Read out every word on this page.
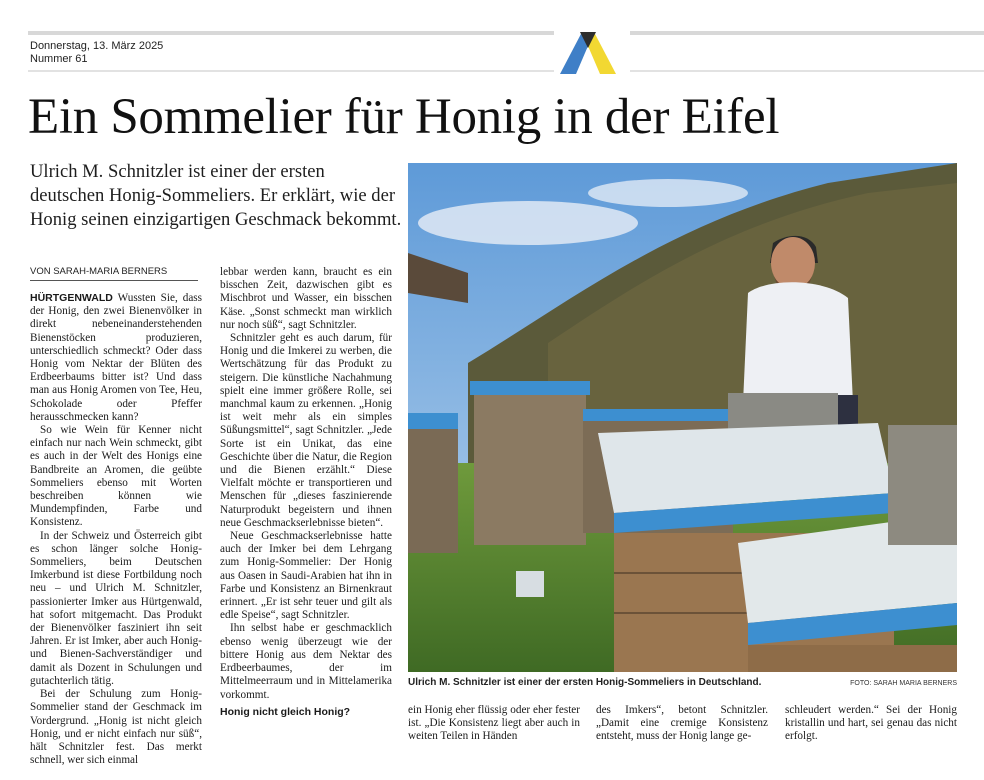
Donnerstag, 13. März 2025
Nummer 61
Ein Sommelier für Honig in der Eifel

Ulrich M. Schnitzler ist einer der ersten deutschen Honig-Sommeliers. Er erklärt, wie der Honig seinen einzigartigen Geschmack bekommt.

VON SARAH-MARIA BERNERS

HÜRTGENWALD Wussten Sie, dass der Honig, den zwei Bienenvölker in direkt nebeneinanderstehenden Bienenstöcken produzieren, unterschiedlich schmeckt? Oder dass Honig vom Nektar der Blüten des Erdbeerbaums bitter ist? Und dass man aus Honig Aromen von Tee, Heu, Schokolade oder Pfeffer herausschmecken kann?

So wie Wein für Kenner nicht einfach nur nach Wein schmeckt, gibt es auch in der Welt des Honigs eine Bandbreite an Aromen, die geübte Sommeliers ebenso mit Worten beschreiben können wie Mundempfinden, Farbe und Konsistenz.

In der Schweiz und Österreich gibt es schon länger solche Honig-Sommeliers, beim Deutschen Imkerbund ist diese Fortbildung noch neu – und Ulrich M. Schnitzler, passionierter Imker aus Hürtgenwald, hat sofort mitgemacht. Das Produkt der Bienenvölker fasziniert ihn seit Jahren. Er ist Imker, aber auch Honig- und Bienen-Sachverständiger und damit als Dozent in Schulungen und gutachterlich tätig.

Bei der Schulung zum Honig-Sommelier stand der Geschmack im Vordergrund. „Honig ist nicht gleich Honig, und er nicht einfach nur süß“, hält Schnitzler fest. Das merkt schnell, wer sich einmal

lebbar werden kann, braucht es ein bisschen Zeit, dazwischen gibt es Mischbrot und Wasser, ein bisschen Käse. „Sonst schmeckt man wirklich nur noch süß“, sagt Schnitzler.

Schnitzler geht es auch darum, für Honig und die Imkerei zu werben, die Wertschätzung für das Produkt zu steigern. Die künstliche Nachahmung spielt eine immer größere Rolle, sei manchmal kaum zu erkennen. „Honig ist weit mehr als ein simples Süßungsmittel“, sagt Schnitzler. „Jede Sorte ist ein Unikat, das eine Geschichte über die Natur, die Region und die Bienen erzählt.“ Diese Vielfalt möchte er transportieren und Menschen für „dieses faszinierende Naturprodukt begeistern und ihnen neue Geschmackserlebnisse bieten“.

Neue Geschmackserlebnisse hatte auch der Imker bei dem Lehrgang zum Honig-Sommelier: Der Honig aus Oasen in Saudi-Arabien hat ihn in Farbe und Konsistenz an Birnenkraut erinnert. „Er ist sehr teuer und gilt als edle Speise“, sagt Schnitzler.

Ihn selbst habe er geschmacklich ebenso wenig überzeugt wie der bittere Honig aus dem Nektar des Erdbeerbaumes, der im Mittelmeerraum und in Mittelamerika vorkommt.

Honig nicht gleich Honig?
Ulrich M. Schnitzler ist einer der ersten Honig-Sommeliers in Deutschland.	FOTO: SARAH MARIA BERNERS

ein Honig eher flüssig oder eher fester ist. „Die Konsistenz liegt aber auch in weiten Teilen in Händen

des Imkers“, betont Schnitzler. „Damit eine cremige Konsistenz entsteht, muss der Honig lange ge-

schleudert werden.“ Sei der Honig kristallin und hart, sei genau das nicht erfolgt.
